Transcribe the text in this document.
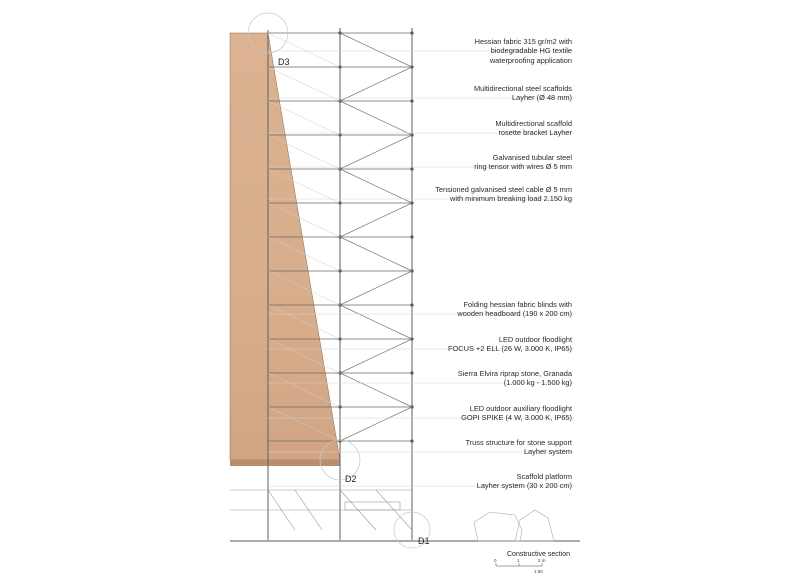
Hessian fabric 315 gr/m2 with
biodegradable HG textile
waterproofing application
Multidirectional steel scaffolds
Layher (Ø 48 mm)
Multidirectional scaffold
rosette bracket Layher
Galvanised tubular steel
ring tensor with wires Ø 5 mm
Tensioned galvanised steel cable Ø 5 mm
with minimum breaking load 2.150 kg
Folding hessian fabric blinds with
wooden headboard (190 x 200 cm)
LED outdoor floodlight
FOCUS +2 ELL (26 W, 3.000 K, IP65)
Sierra Elvira riprap stone, Granada
(1.000 kg - 1.500 kg)
LED outdoor auxiliary floodlight
GOPI SPIKE (4 W, 3.000 K, IP65)
Truss structure for stone support
Layher system
Scaffold platform
Layher system (30 x 200 cm)
D3
D2
D1
Constructive section
0	1	2 m
1:50
